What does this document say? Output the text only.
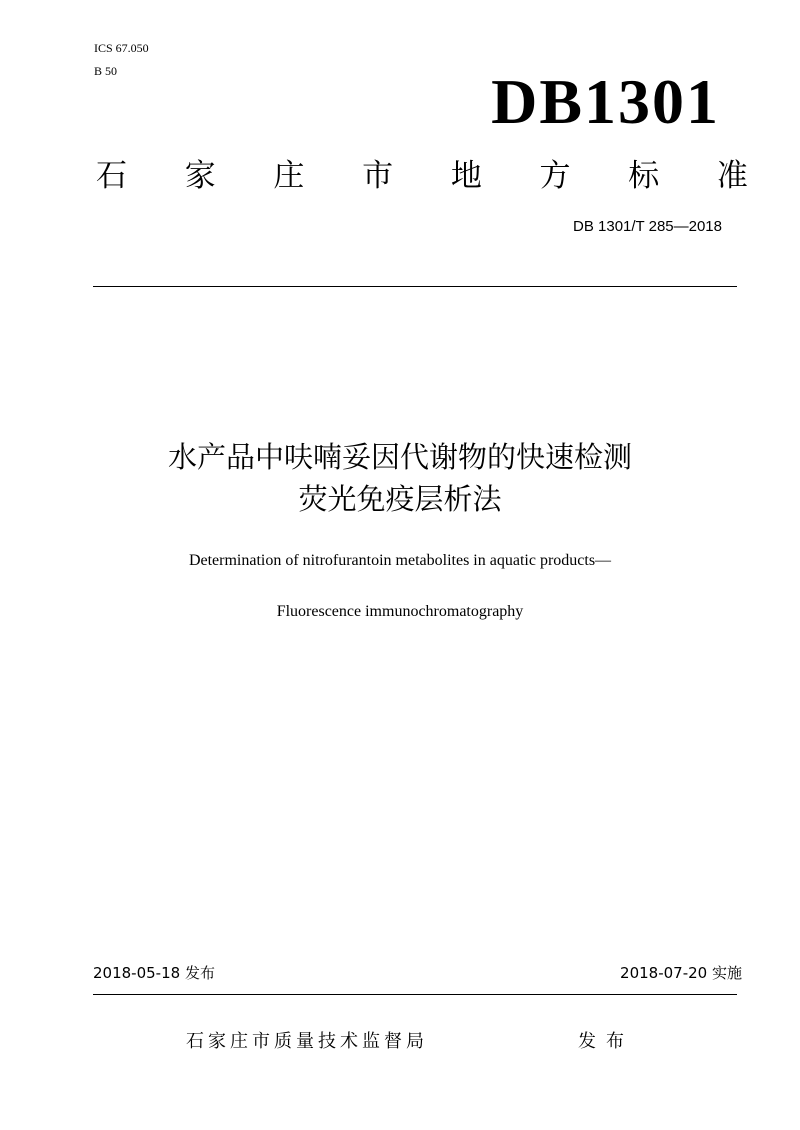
ICS 67.050
B 50	DB1301
石 家 庄 市 地 方 标 准
DB 1301/T 285—2018
水产品中呋喃妥因代谢物的快速检测
荧光免疫层析法
Determination of nitrofurantoin metabolites in aquatic products—
Fluorescence immunochromatography
2018-05-18 发布	2018-07-20 实施
石家庄市质量技术监督局	发布
